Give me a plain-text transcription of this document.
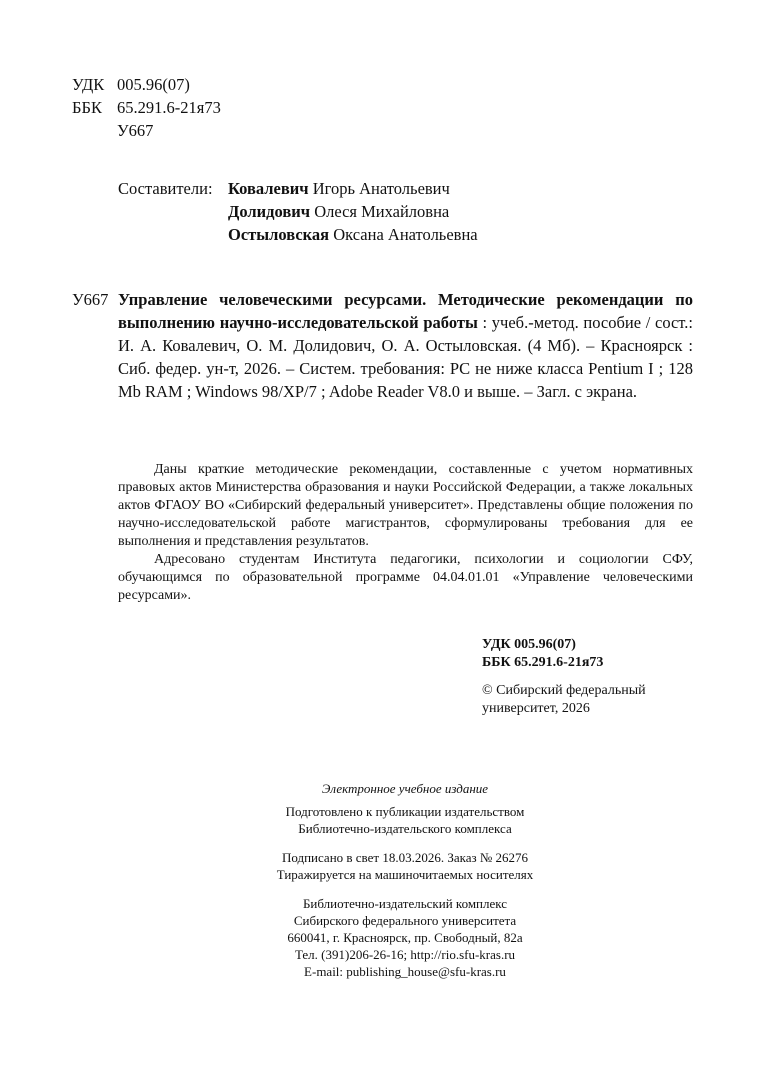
УДК 005.96(07)
ББК 65.291.6-21я73
У667
Составители: Ковалевич Игорь Анатольевич
Долидович Олеся Михайловна
Остыловская Оксана Анатольевна
У667 Управление человеческими ресурсами. Методические рекомендации по выполнению научно-исследовательской работы : учеб.-метод. пособие / сост.: И. А. Ковалевич, О. М. Долидович, О. А. Остыловская. (4 Мб). – Красноярск : Сиб. федер. ун-т, 2026. – Систем. требования: PC не ниже класса Pentium I ; 128 Mb RAM ; Windows 98/XP/7 ; Adobe Reader V8.0 и выше. – Загл. с экрана.

Даны краткие методические рекомендации, составленные с учетом нормативных правовых актов Министерства образования и науки Российской Федерации, а также локальных актов ФГАОУ ВО «Сибирский федеральный университет». Представлены общие положения по научно-исследовательской работе магистрантов, сформулированы требования для ее выполнения и представления результатов.

Адресовано студентам Института педагогики, психологии и социологии СФУ, обучающимся по образовательной программе 04.04.01.01 «Управление человеческими ресурсами».

УДК 005.96(07)
ББК 65.291.6-21я73
© Сибирский федеральный
университет, 2026

Электронное учебное издание

Подготовлено к публикации издательством

Библиотечно-издательского комплекса

Подписано в свет 18.03.2026. Заказ № 26276

Тиражируется на машиночитаемых носителях

Библиотечно-издательский комплекс

Сибирского федерального университета

660041, г. Красноярск, пр. Свободный, 82а

Тел. (391)206-26-16; http://rio.sfu-kras.ru

E-mail: publishing_house@sfu-kras.ru
